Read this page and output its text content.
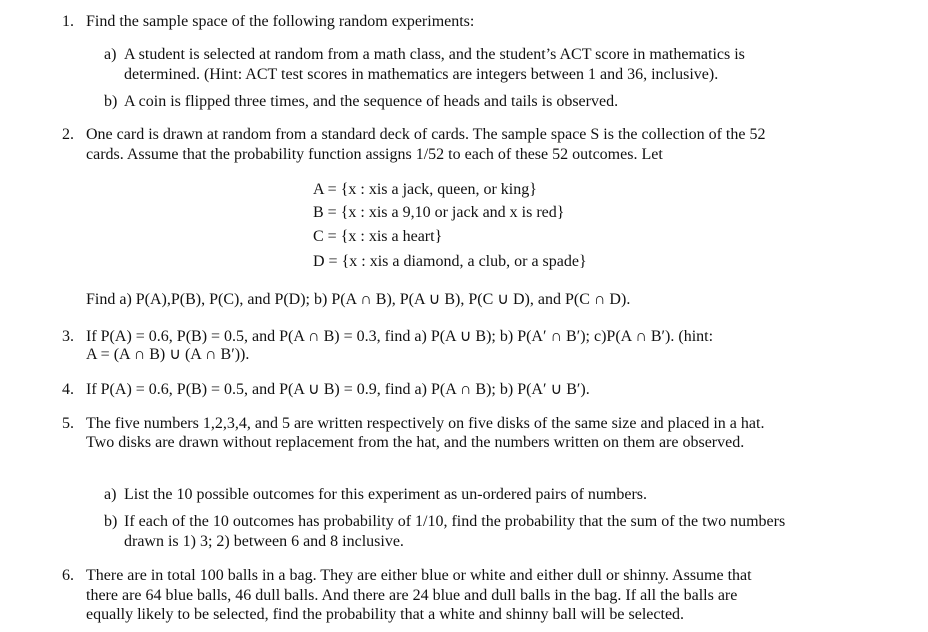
1. Find the sample space of the following random experiments:
a) A student is selected at random from a math class, and the student’s ACT score in mathematics is
determined. (Hint: ACT test scores in mathematics are integers between 1 and 36, inclusive).
b) A coin is flipped three times, and the sequence of heads and tails is observed.
2. One card is drawn at random from a standard deck of cards. The sample space S is the collection of the 52
cards. Assume that the probability function assigns 1/52 to each of these 52 outcomes. Let
A = {x : xis a jack, queen, or king}
B = {x : xis a 9,10 or jack and x is red}
C = {x : xis a heart}
D = {x : xis a diamond, a club, or a spade}
Find a) P(A),P(B), P(C), and P(D); b) P(A ∩ B), P(A ∪ B), P(C ∪ D), and P(C ∩ D).
3. If P(A) = 0.6, P(B) = 0.5, and P(A ∩ B) = 0.3, find a) P(A ∪ B); b) P(A′ ∩ B′); c)P(A ∩ B′). (hint:
A = (A ∩ B) ∪ (A ∩ B′)).
4. If P(A) = 0.6, P(B) = 0.5, and P(A ∪ B) = 0.9, find a) P(A ∩ B); b) P(A′ ∪ B′).
5. The five numbers 1,2,3,4, and 5 are written respectively on five disks of the same size and placed in a hat.
Two disks are drawn without replacement from the hat, and the numbers written on them are observed.
a) List the 10 possible outcomes for this experiment as un-ordered pairs of numbers.
b) If each of the 10 outcomes has probability of 1/10, find the probability that the sum of the two numbers
drawn is 1) 3; 2) between 6 and 8 inclusive.
6. There are in total 100 balls in a bag. They are either blue or white and either dull or shinny. Assume that
there are 64 blue balls, 46 dull balls. And there are 24 blue and dull balls in the bag. If all the balls are
equally likely to be selected, find the probability that a white and shinny ball will be selected.
